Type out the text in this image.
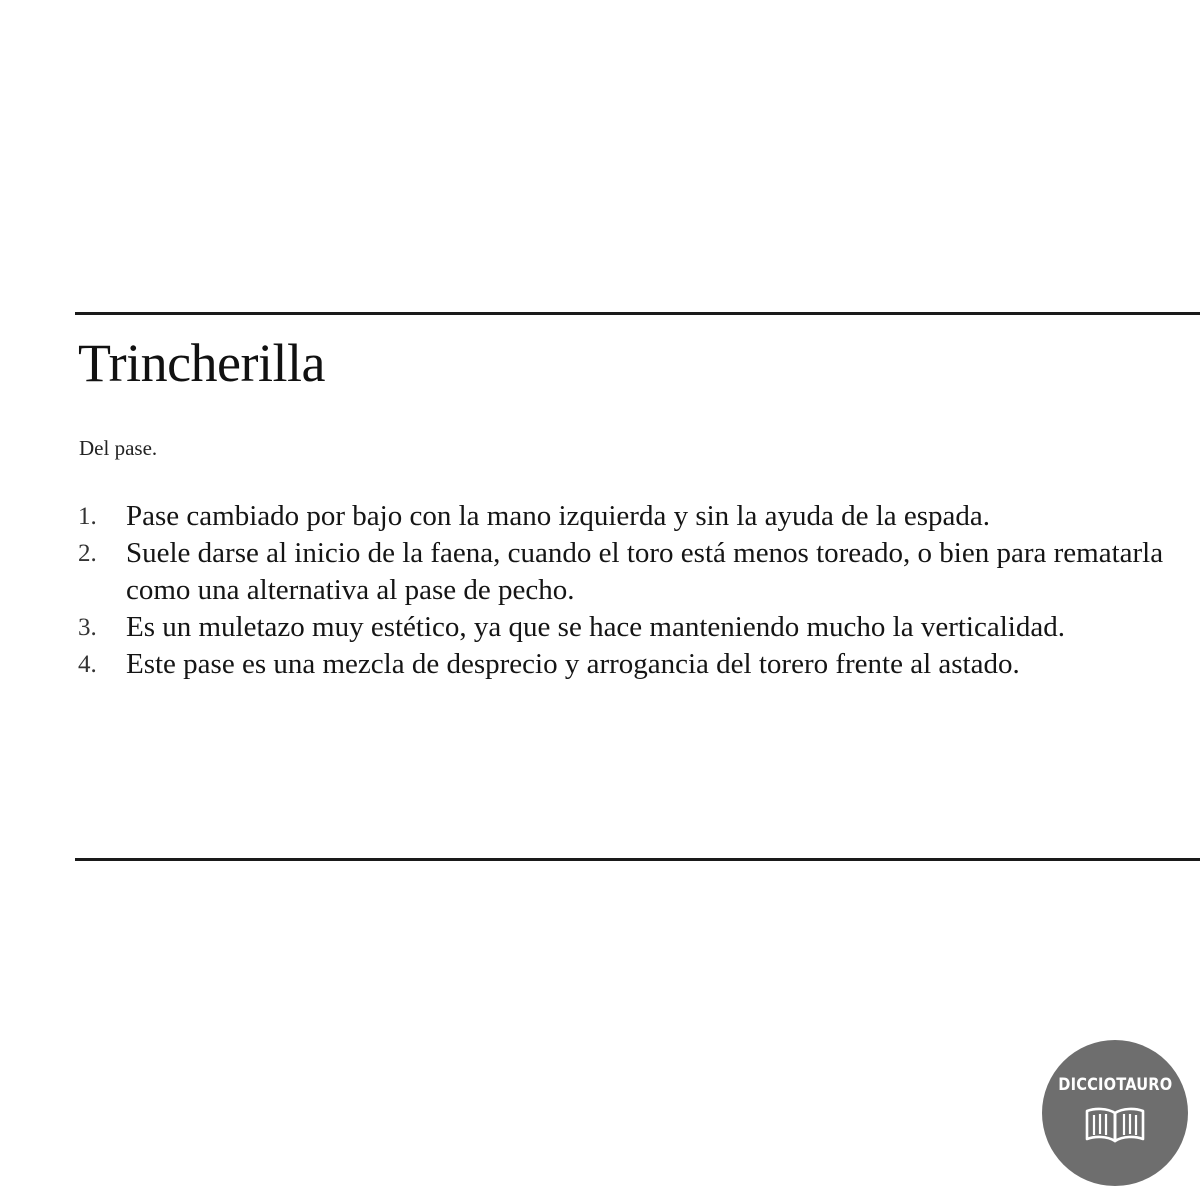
Trincherilla

Del pase.

1.	Pase cambiado por bajo con la mano izquierda y sin la ayuda de la espada.
2.	Suele darse al inicio de la faena, cuando el toro está menos toreado, o bien para rematarla como una alternativa al pase de pecho.
3.	Es un muletazo muy estético, ya que se hace manteniendo mucho la verticalidad.
4.	Este pase es una mezcla de desprecio y arrogancia del torero frente al astado.
DICCIOTAURO
